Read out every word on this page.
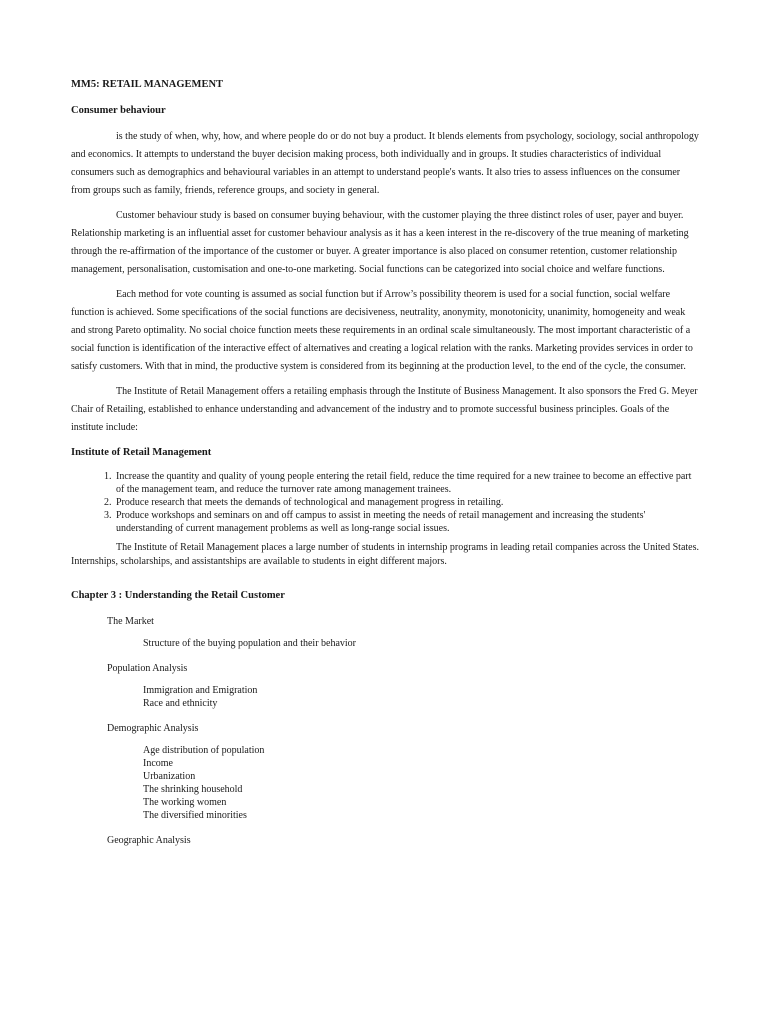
MM5: RETAIL MANAGEMENT
Consumer behaviour

is the study of when, why, how, and where people do or do not buy a product. It blends elements from psychology, sociology, social anthropology and economics. It attempts to understand the buyer decision making process, both individually and in groups. It studies characteristics of individual consumers such as demographics and behavioural variables in an attempt to understand people's wants. It also tries to assess influences on the consumer from groups such as family, friends, reference groups, and society in general.

Customer behaviour study is based on consumer buying behaviour, with the customer playing the three distinct roles of user, payer and buyer. Relationship marketing is an influential asset for customer behaviour analysis as it has a keen interest in the re-discovery of the true meaning of marketing through the re-affirmation of the importance of the customer or buyer. A greater importance is also placed on consumer retention, customer relationship management, personalisation, customisation and one-to-one marketing. Social functions can be categorized into social choice and welfare functions.

Each method for vote counting is assumed as social function but if Arrow’s possibility theorem is used for a social function, social welfare function is achieved. Some specifications of the social functions are decisiveness, neutrality, anonymity, monotonicity, unanimity, homogeneity and weak and strong Pareto optimality. No social choice function meets these requirements in an ordinal scale simultaneously. The most important characteristic of a social function is identification of the interactive effect of alternatives and creating a logical relation with the ranks. Marketing provides services in order to satisfy customers. With that in mind, the productive system is considered from its beginning at the production level, to the end of the cycle, the consumer.

The Institute of Retail Management offers a retailing emphasis through the Institute of Business Management. It also sponsors the Fred G. Meyer Chair of Retailing, established to enhance understanding and advancement of the industry and to promote successful business principles. Goals of the institute include:

Institute of Retail Management
1. Increase the quantity and quality of young people entering the retail field, reduce the time required for a new trainee to become an effective part of the management team, and reduce the turnover rate among management trainees.
2. Produce research that meets the demands of technological and management progress in retailing.
3. Produce workshops and seminars on and off campus to assist in meeting the needs of retail management and increasing the students' understanding of current management problems as well as long-range social issues.

The Institute of Retail Management places a large number of students in internship programs in leading retail companies across the United States. Internships, scholarships, and assistantships are available to students in eight different majors.

Chapter 3 : Understanding the Retail Customer
The Market
Structure of the buying population and their behavior
Population Analysis
Immigration and Emigration
Race and ethnicity
Demographic Analysis
Age distribution of population
Income
Urbanization
The shrinking household
The working women
The diversified minorities
Geographic Analysis
